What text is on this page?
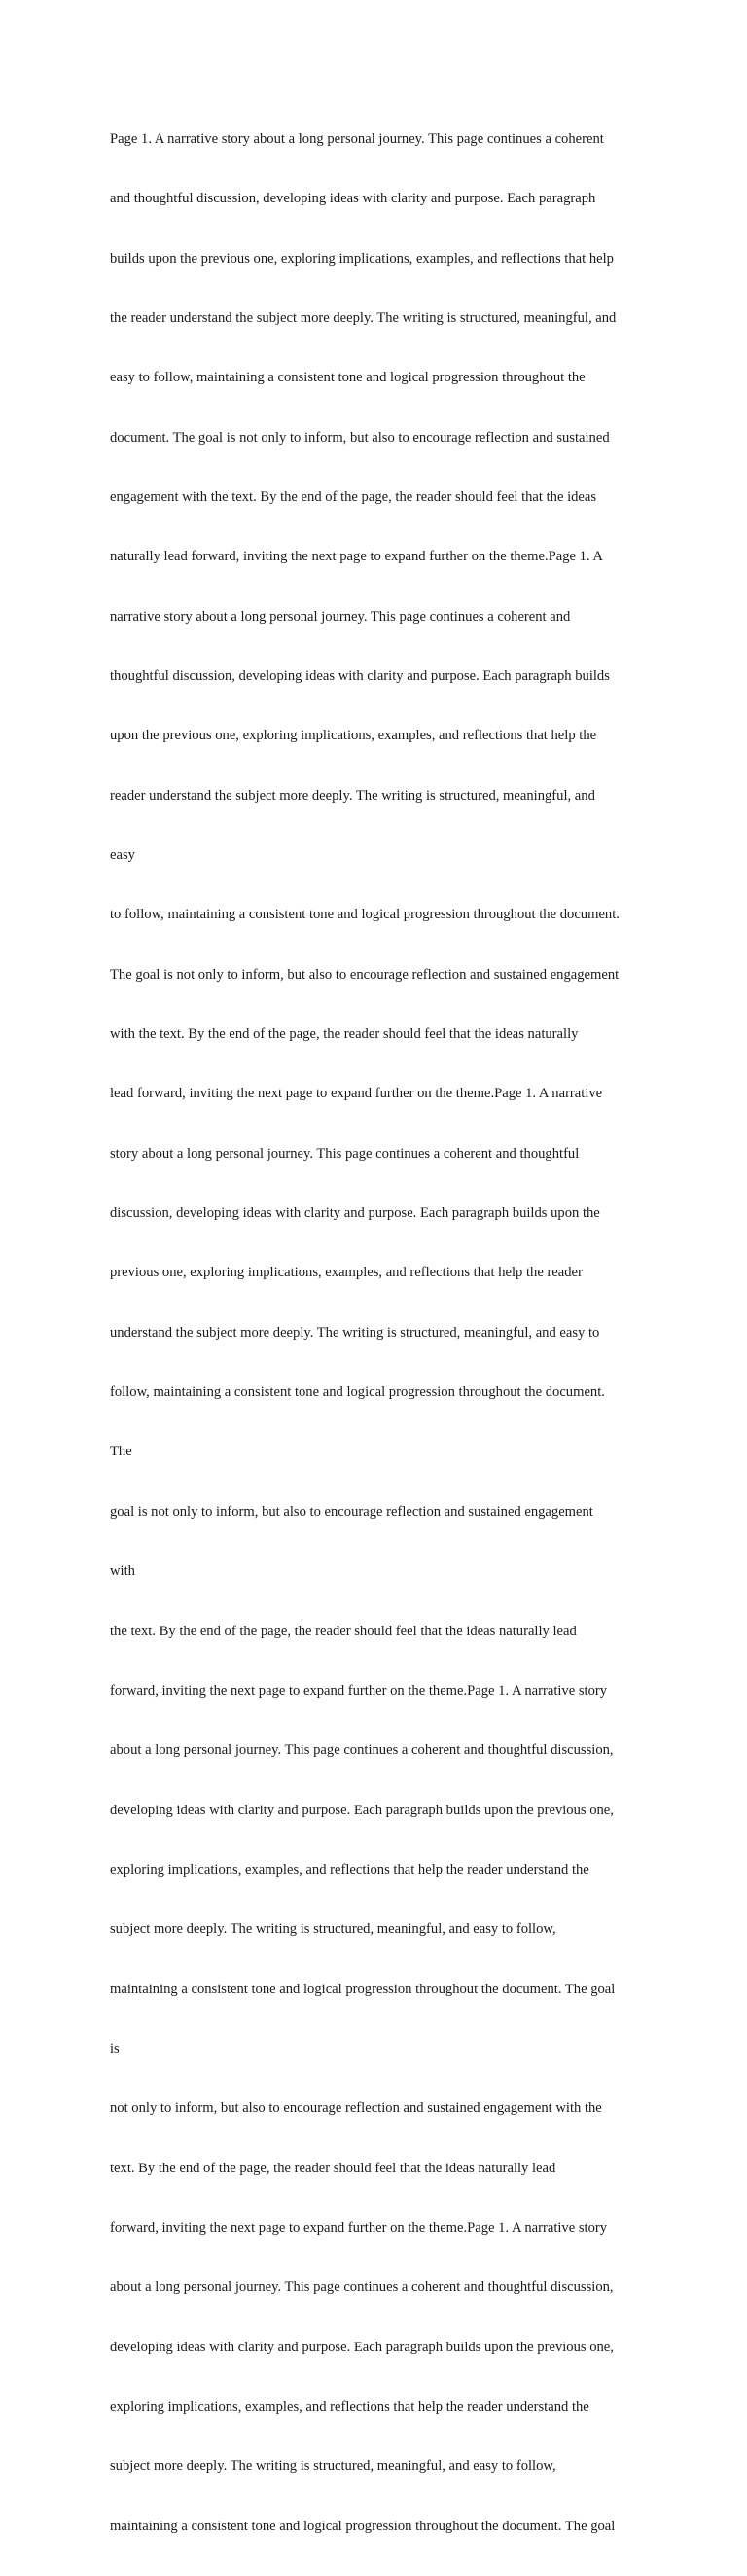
Page 1. A narrative story about a long personal journey. This page continues a coherent

and thoughtful discussion, developing ideas with clarity and purpose. Each paragraph

builds upon the previous one, exploring implications, examples, and reflections that help

the reader understand the subject more deeply. The writing is structured, meaningful, and

easy to follow, maintaining a consistent tone and logical progression throughout the

document. The goal is not only to inform, but also to encourage reflection and sustained

engagement with the text. By the end of the page, the reader should feel that the ideas

naturally lead forward, inviting the next page to expand further on the theme.Page 1. A

narrative story about a long personal journey. This page continues a coherent and

thoughtful discussion, developing ideas with clarity and purpose. Each paragraph builds

upon the previous one, exploring implications, examples, and reflections that help the

reader understand the subject more deeply. The writing is structured, meaningful, and

easy

to follow, maintaining a consistent tone and logical progression throughout the document.

The goal is not only to inform, but also to encourage reflection and sustained engagement

with the text. By the end of the page, the reader should feel that the ideas naturally

lead forward, inviting the next page to expand further on the theme.Page 1. A narrative

story about a long personal journey. This page continues a coherent and thoughtful

discussion, developing ideas with clarity and purpose. Each paragraph builds upon the

previous one, exploring implications, examples, and reflections that help the reader

understand the subject more deeply. The writing is structured, meaningful, and easy to

follow, maintaining a consistent tone and logical progression throughout the document.

The

goal is not only to inform, but also to encourage reflection and sustained engagement

with

the text. By the end of the page, the reader should feel that the ideas naturally lead

forward, inviting the next page to expand further on the theme.Page 1. A narrative story

about a long personal journey. This page continues a coherent and thoughtful discussion,

developing ideas with clarity and purpose. Each paragraph builds upon the previous one,

exploring implications, examples, and reflections that help the reader understand the

subject more deeply. The writing is structured, meaningful, and easy to follow,

maintaining a consistent tone and logical progression throughout the document. The goal

is

not only to inform, but also to encourage reflection and sustained engagement with the

text. By the end of the page, the reader should feel that the ideas naturally lead

forward, inviting the next page to expand further on the theme.Page 1. A narrative story

about a long personal journey. This page continues a coherent and thoughtful discussion,

developing ideas with clarity and purpose. Each paragraph builds upon the previous one,

exploring implications, examples, and reflections that help the reader understand the

subject more deeply. The writing is structured, meaningful, and easy to follow,

maintaining a consistent tone and logical progression throughout the document. The goal
